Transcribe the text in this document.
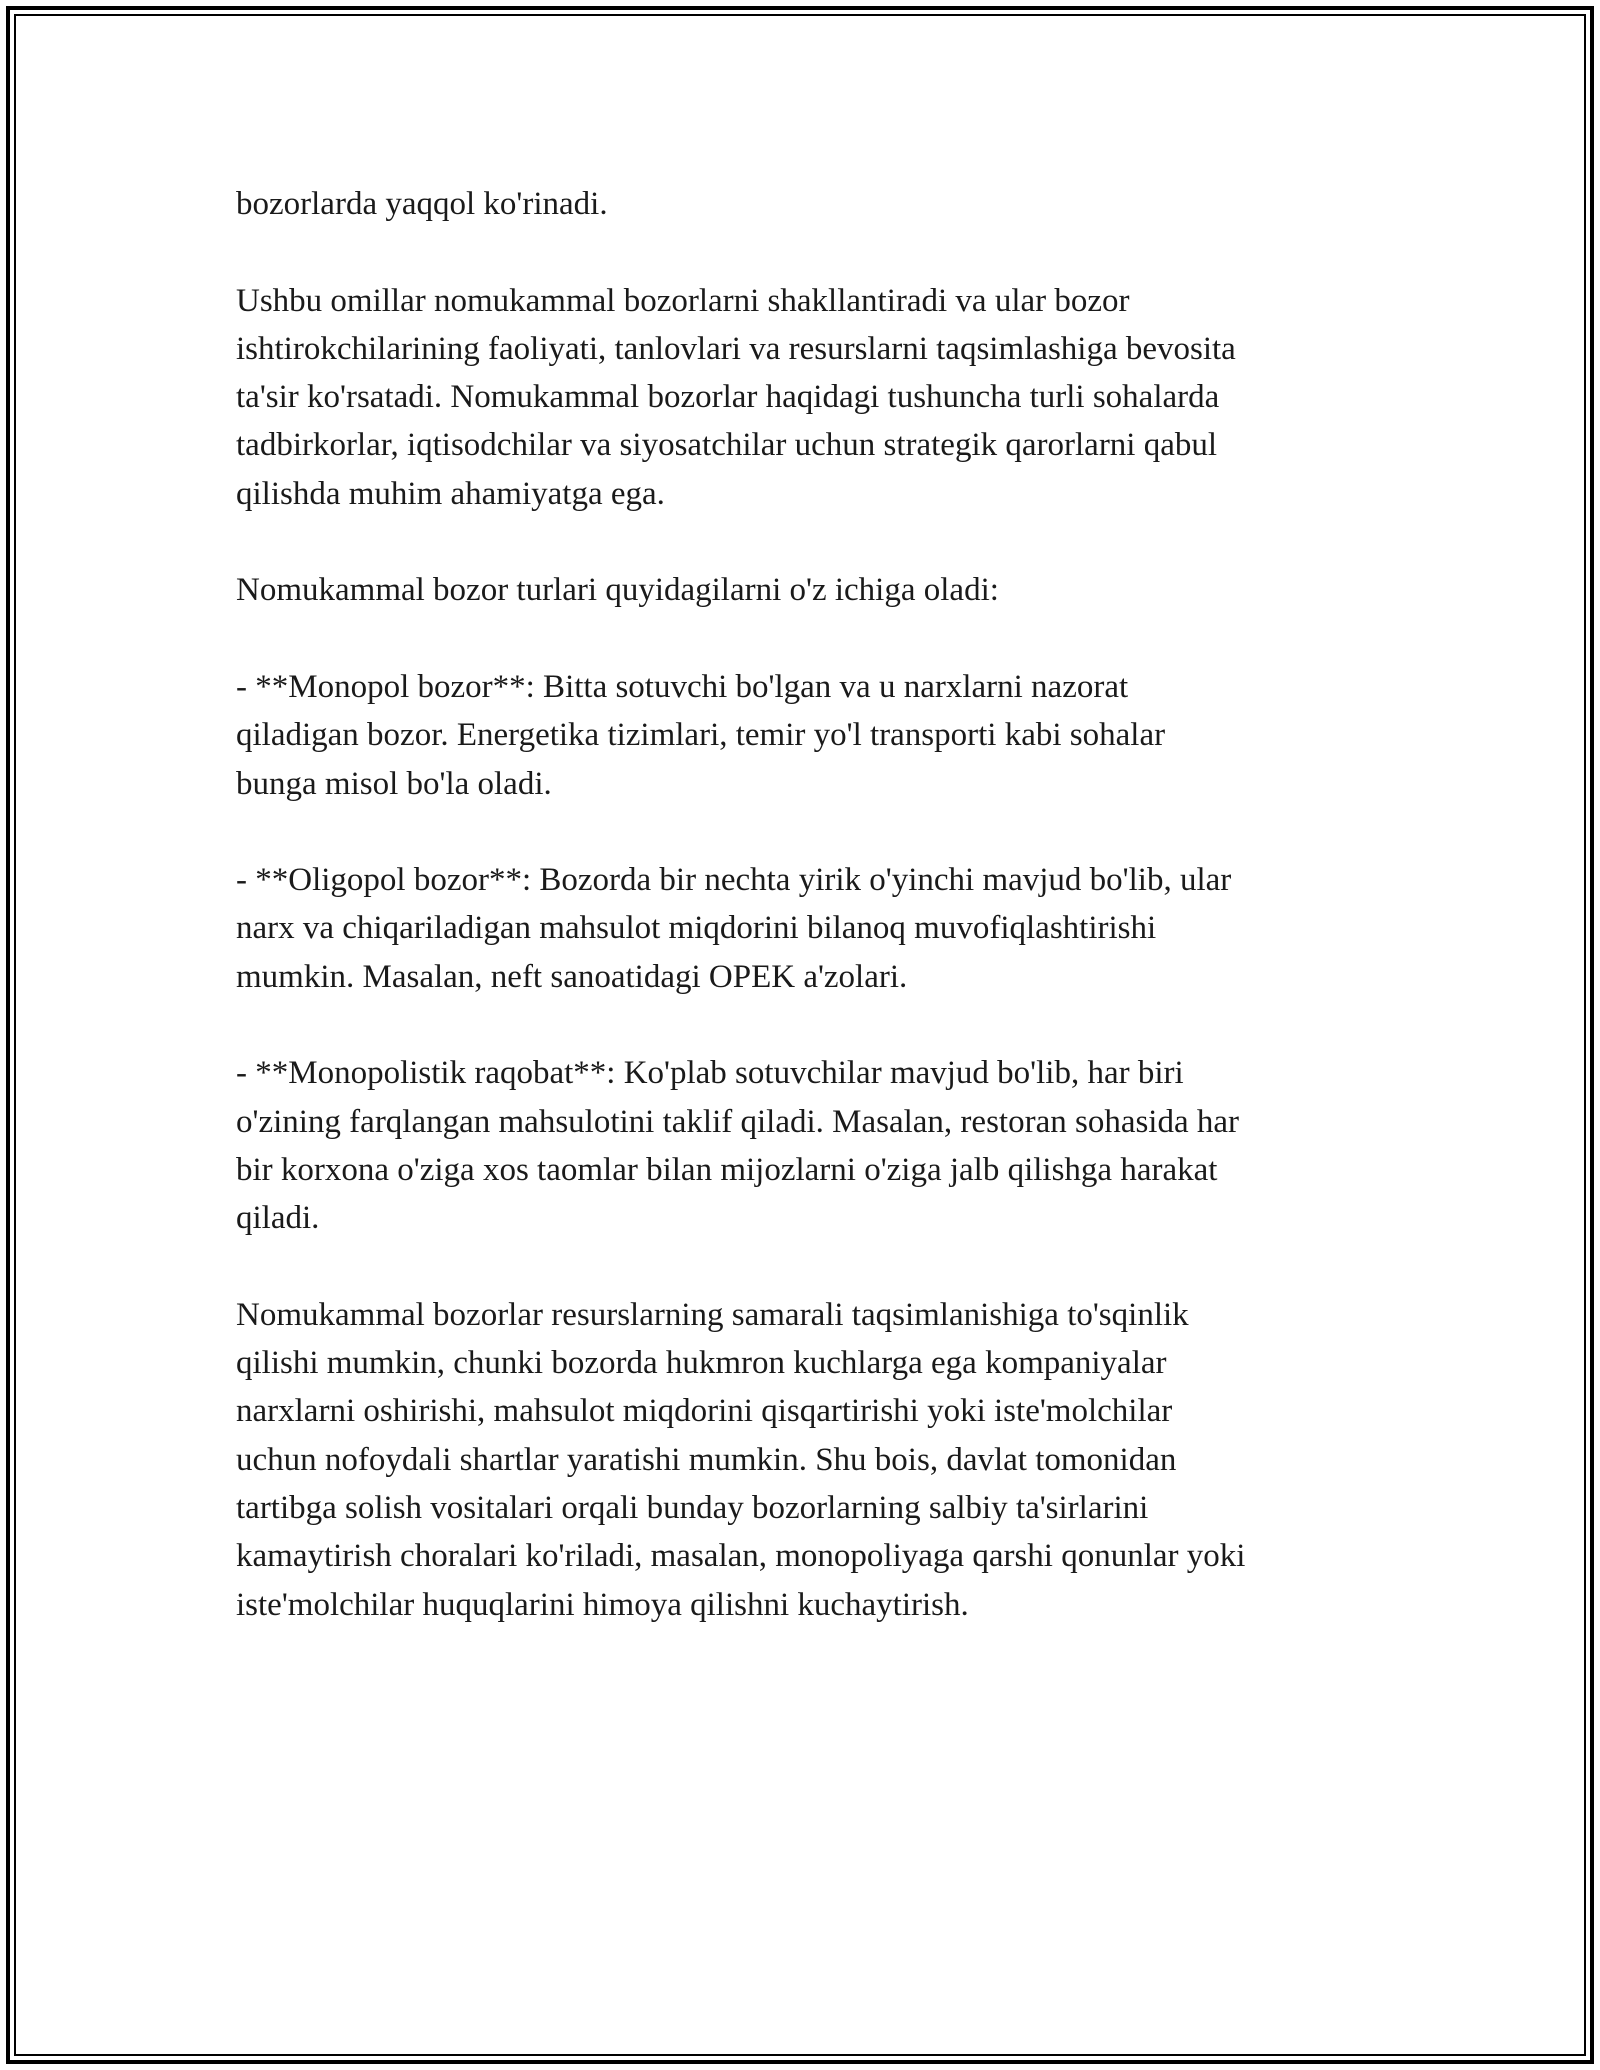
bozorlarda yaqqol ko'rinadi.

Ushbu omillar nomukammal bozorlarni shakllantiradi va ular bozor
ishtirokchilarining faoliyati, tanlovlari va resurslarni taqsimlashiga bevosita
ta'sir ko'rsatadi. Nomukammal bozorlar haqidagi tushuncha turli sohalarda
tadbirkorlar, iqtisodchilar va siyosatchilar uchun strategik qarorlarni qabul
qilishda muhim ahamiyatga ega.

Nomukammal bozor turlari quyidagilarni o'z ichiga oladi:

- **Monopol bozor**: Bitta sotuvchi bo'lgan va u narxlarni nazorat
qiladigan bozor. Energetika tizimlari, temir yo'l transporti kabi sohalar
bunga misol bo'la oladi.

- **Oligopol bozor**: Bozorda bir nechta yirik o'yinchi mavjud bo'lib, ular
narx va chiqariladigan mahsulot miqdorini bilanoq muvofiqlashtirishi
mumkin. Masalan, neft sanoatidagi OPEK a'zolari.

- **Monopolistik raqobat**: Ko'plab sotuvchilar mavjud bo'lib, har biri
o'zining farqlangan mahsulotini taklif qiladi. Masalan, restoran sohasida har
bir korxona o'ziga xos taomlar bilan mijozlarni o'ziga jalb qilishga harakat
qiladi.

Nomukammal bozorlar resurslarning samarali taqsimlanishiga to'sqinlik
qilishi mumkin, chunki bozorda hukmron kuchlarga ega kompaniyalar
narxlarni oshirishi, mahsulot miqdorini qisqartirishi yoki iste'molchilar
uchun nofoydali shartlar yaratishi mumkin. Shu bois, davlat tomonidan
tartibga solish vositalari orqali bunday bozorlarning salbiy ta'sirlarini
kamaytirish choralari ko'riladi, masalan, monopoliyaga qarshi qonunlar yoki
iste'molchilar huquqlarini himoya qilishni kuchaytirish.
